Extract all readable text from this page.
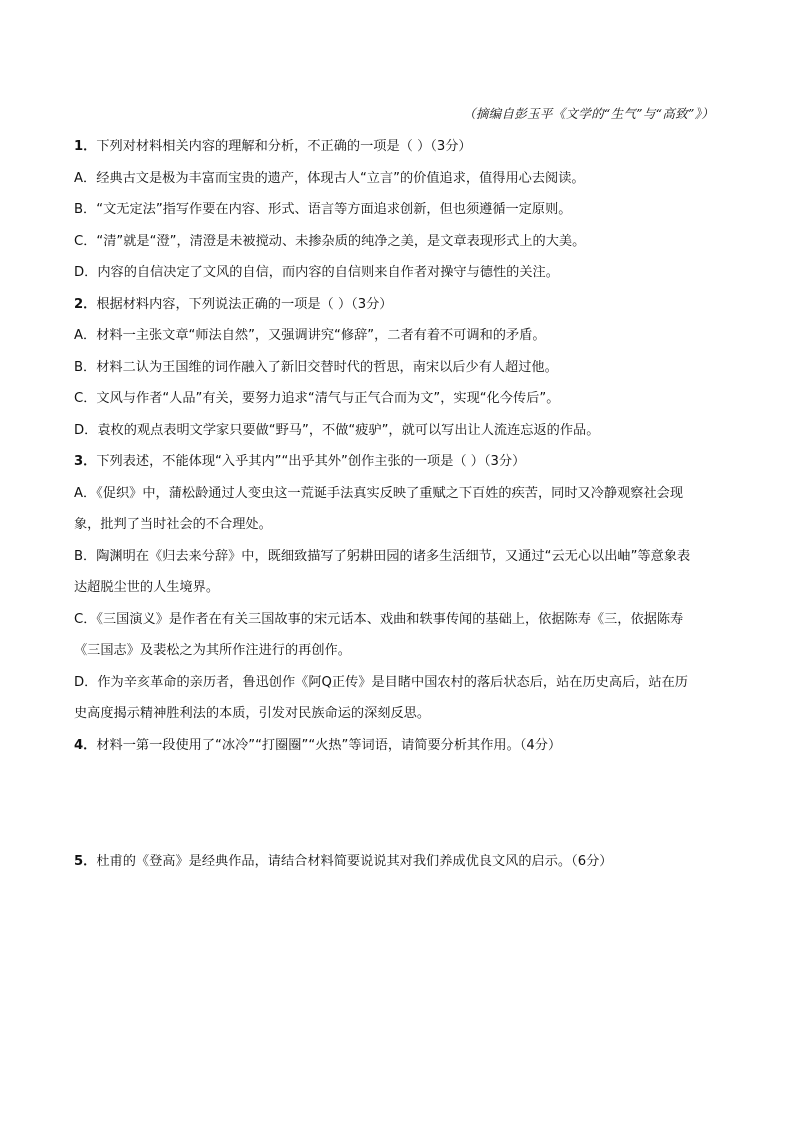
（摘编自彭玉平《文学的“生气”与“高致”》）
1．下列对材料相关内容的理解和分析，不正确的一项是（ ）（3分）
A．经典古文是极为丰富而宝贵的遗产，体现古人“立言”的价值追求，值得用心去阅读。
B．“文无定法”指写作要在内容、形式、语言等方面追求创新，但也须遵循一定原则。
C．“清”就是“澄”，清澄是未被搅动、未掺杂质的纯净之美，是文章表现形式上的大美。
D．内容的自信决定了文风的自信，而内容的自信则来自作者对操守与德性的关注。
2．根据材料内容，下列说法正确的一项是（ ）（3分）
A．材料一主张文章“师法自然”，又强调讲究“修辞”，二者有着不可调和的矛盾。
B．材料二认为王国维的词作融入了新旧交替时代的哲思，南宋以后少有人超过他。
C．文风与作者“人品”有关，要努力追求“清气与正气合而为文”，实现“化今传后”。
D．袁枚的观点表明文学家只要做“野马”，不做“疲驴”，就可以写出让人流连忘返的作品。
3．下列表述，不能体现“入乎其内”“出乎其外”创作主张的一项是（ ）（3分）
A．《促织》中，蒲松龄通过人变虫这一荒诞手法真实反映了重赋之下百姓的疾苦，同时又冷静观察社会现
象，批判了当时社会的不合理处。
B．陶渊明在《归去来兮辞》中，既细致描写了躬耕田园的诸多生活细节，又通过“云无心以出岫”等意象表
达超脱尘世的人生境界。
C．《三国演义》是作者在有关三国故事的宋元话本、戏曲和轶事传闻的基础上，依据陈寿《三，依据陈寿
《三国志》及裴松之为其所作注进行的再创作。
D．作为辛亥革命的亲历者，鲁迅创作《阿Q正传》是目睹中国农村的落后状态后，站在历史高后，站在历
史高度揭示精神胜利法的本质，引发对民族命运的深刻反思。
4．材料一第一段使用了“冰冷”“打圈圈”“火热”等词语，请简要分析其作用。（4分）
5．杜甫的《登高》是经典作品，请结合材料简要说说其对我们养成优良文风的启示。（6分）
